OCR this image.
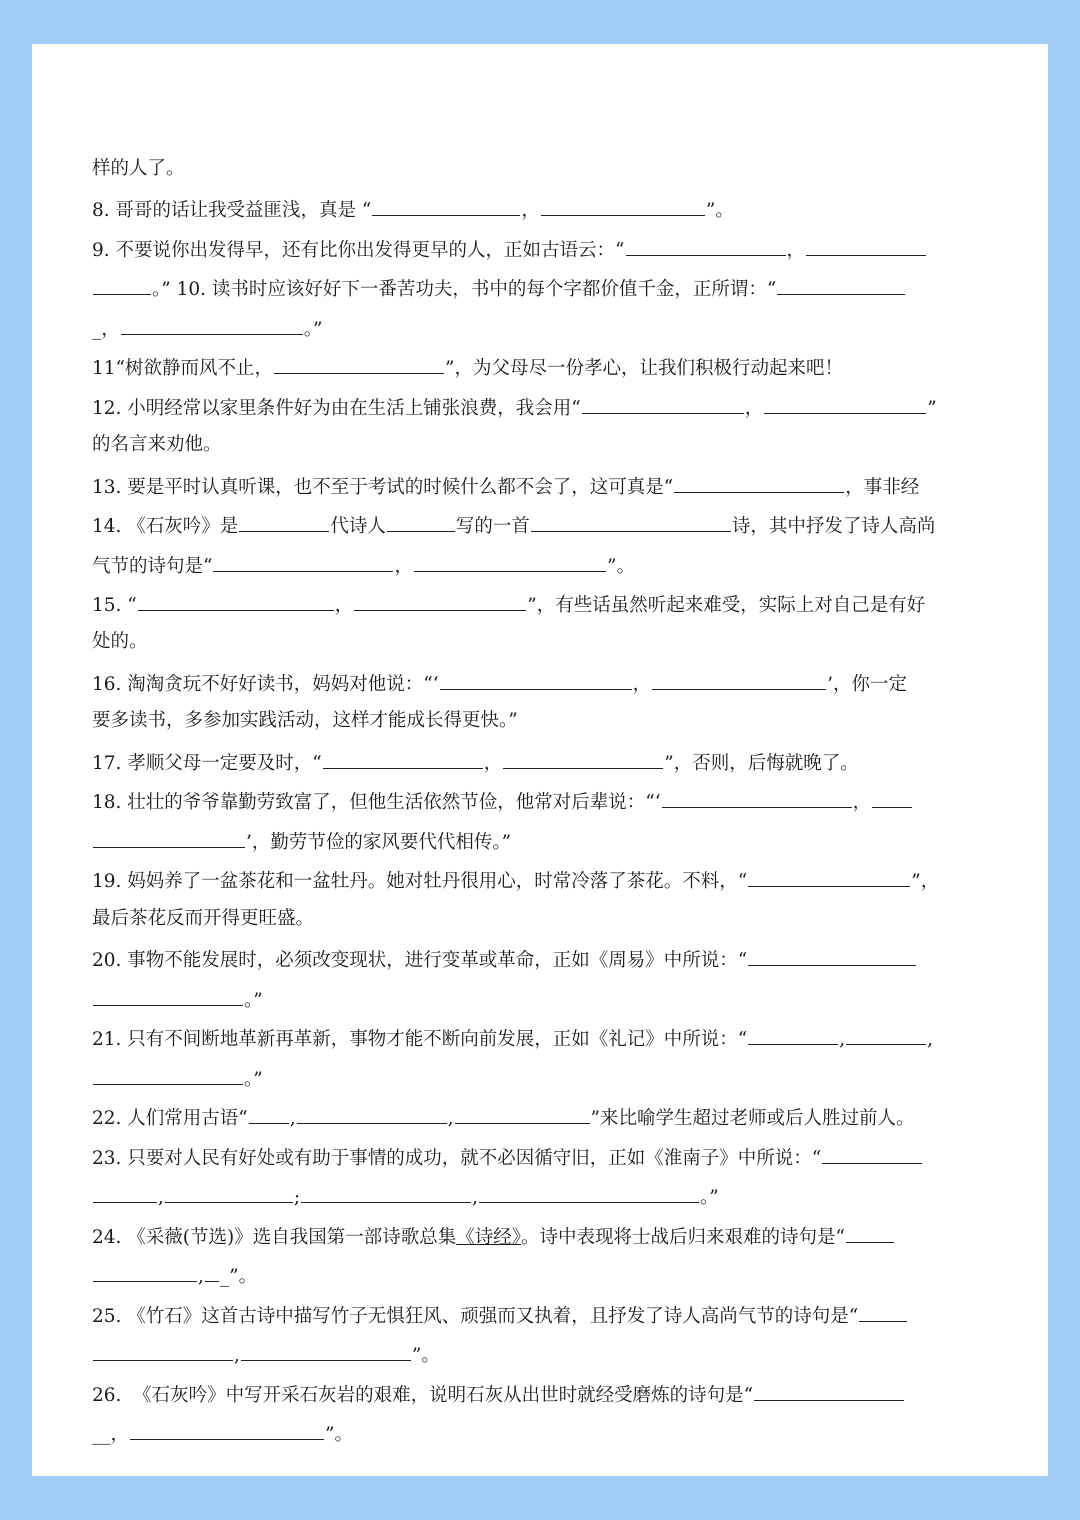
样的人了。
8. 哥哥的话让我受益匪浅，真是 “	，	”。
9. 不要说你出发得早，还有比你出发得更早的人，正如古语云：“	，
。” 10. 读书时应该好好下一番苦功夫，书中的每个字都价值千金，正所谓：“
_，	。”
11“树欲静而风不止，	”，为父母尽一份孝心，让我们积极行动起来吧！
12. 小明经常以家里条件好为由在生活上铺张浪费，我会用“	，	”
的名言来劝他。
13. 要是平时认真听课，也不至于考试的时候什么都不会了，这可真是“	，事非经
14. 《石灰吟》是	代诗人	写的一首	诗，其中抒发了诗人高尚
气节的诗句是“	，	”。
15. “	，	”，有些话虽然听起来难受，实际上对自己是有好
处的。
16. 淘淘贪玩不好好读书，妈妈对他说：“‘	，	’，你一定
要多读书，多参加实践活动，这样才能成长得更快。”
17. 孝顺父母一定要及时，“	，	”，否则，后悔就晚了。
18. 壮壮的爷爷靠勤劳致富了，但他生活依然节俭，他常对后辈说：“‘	，
’，勤劳节俭的家风要代代相传。”
19. 妈妈养了一盆茶花和一盆牡丹。她对牡丹很用心，时常冷落了茶花。不料，“	”，
最后茶花反而开得更旺盛。
20. 事物不能发展时，必须改变现状，进行变革或革命，正如《周易》中所说：“
。”
21. 只有不间断地革新再革新，事物才能不断向前发展，正如《礼记》中所说：“	,	,
。”
22. 人们常用古语“ ,	,	”来比喻学生超过老师或后人胜过前人。
23. 只要对人民有好处或有助于事情的成功，就不必因循守旧，正如《淮南子》中所说：“
,	;	,	。”
24. 《采薇(节选)》选自我国第一部诗歌总集《诗经》。诗中表现将士战后归来艰难的诗句是“
, _”。
25. 《竹石》这首古诗中描写竹子无惧狂风、顽强而又执着，且抒发了诗人高尚气节的诗句是“
,	”。
26.  《石灰吟》中写开采石灰岩的艰难，说明石灰从出世时就经受磨炼的诗句是“
__，	”。
